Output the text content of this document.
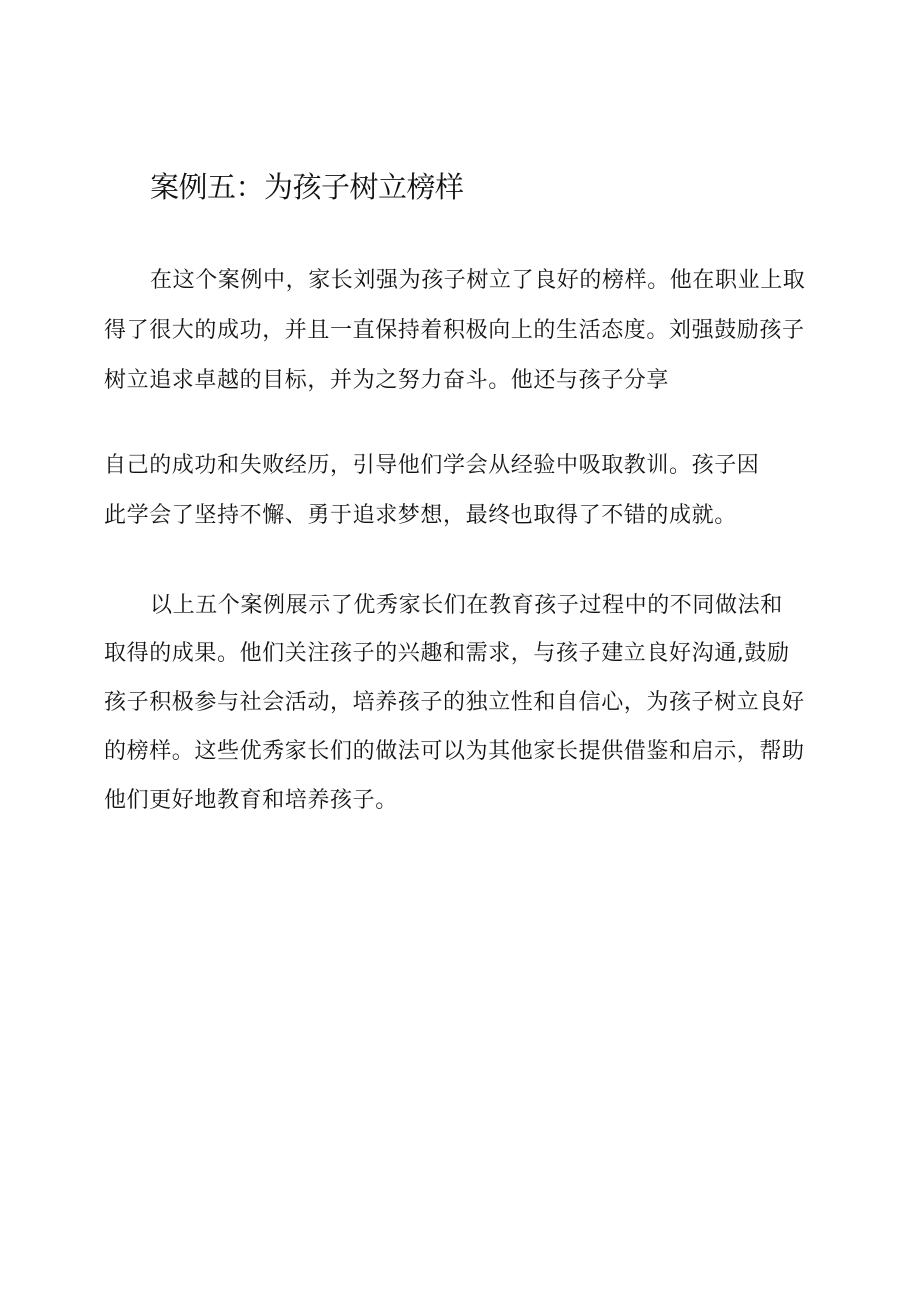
案例五：为孩子树立榜样
在这个案例中，家长刘强为孩子树立了良好的榜样。他在职业上取
得了很大的成功，并且一直保持着积极向上的生活态度。刘强鼓励孩子
树立追求卓越的目标，并为之努力奋斗。他还与孩子分享
自己的成功和失败经历，引导他们学会从经验中吸取教训。孩子因
此学会了坚持不懈、勇于追求梦想，最终也取得了不错的成就。
以上五个案例展示了优秀家长们在教育孩子过程中的不同做法和
取得的成果。他们关注孩子的兴趣和需求，与孩子建立良好沟通,鼓励
孩子积极参与社会活动，培养孩子的独立性和自信心，为孩子树立良好
的榜样。这些优秀家长们的做法可以为其他家长提供借鉴和启示，帮助
他们更好地教育和培养孩子。
